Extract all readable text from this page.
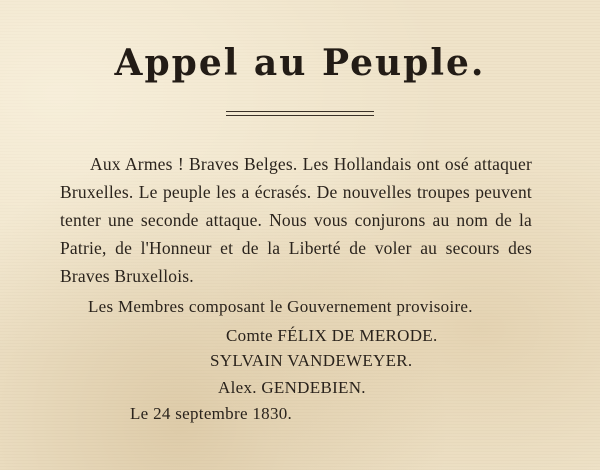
Appel au Peuple.
Aux Armes ! Braves Belges. Les Hollandais ont osé attaquer Bruxelles. Le peuple les a écrasés. De nouvelles troupes peuvent tenter une seconde attaque. Nous vous conjurons au nom de la Patrie, de l'Honneur et de la Liberté de voler au secours des Braves Bruxellois.
Les Membres composant le Gouvernement provisoire.
Comte FÉLIX DE MERODE.
SYLVAIN VANDEWEYER.
Alex. GENDEBIEN.
Le 24 septembre 1830.
